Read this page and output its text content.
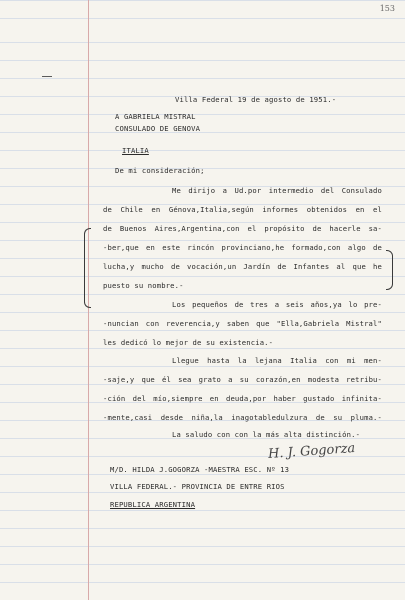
153
Villa Federal 19 de agosto de 1951.-
A GABRIELA MISTRAL
CONSULADO DE GENOVA
ITALIA
De mi consideración;
Me dirijo a Ud.por intermedio del Consulado
de Chile en Génova,Italia,según informes obtenidos en el
de Buenos Aires,Argentina,con el propósito de hacerle sa-
-ber,que en este rincón provinciano,he formado,con algo de
lucha,y mucho de vocación,un Jardín de Infantes al que he
puesto su nombre.-
Los pequeños de tres a seis años,ya lo pre-
-nuncian con reverencia,y saben que "Ella,Gabriela Mistral"
les dedicó lo mejor de su existencia.-
Llegue hasta la lejana Italia con mi men-
-saje,y que él sea grato a su corazón,en modesta retribu-
-ción del mío,siempre en deuda,por haber gustado infinita-
-mente,casi desde niña,la inagotabledulzura de su pluma.-
La saludo con con la más alta distinción.-
H. J. Gogorza
M/D. HILDA J.GOGORZA -MAESTRA ESC. Nº 13
VILLA FEDERAL.- PROVINCIA DE ENTRE RIOS
REPUBLICA ARGENTINA
